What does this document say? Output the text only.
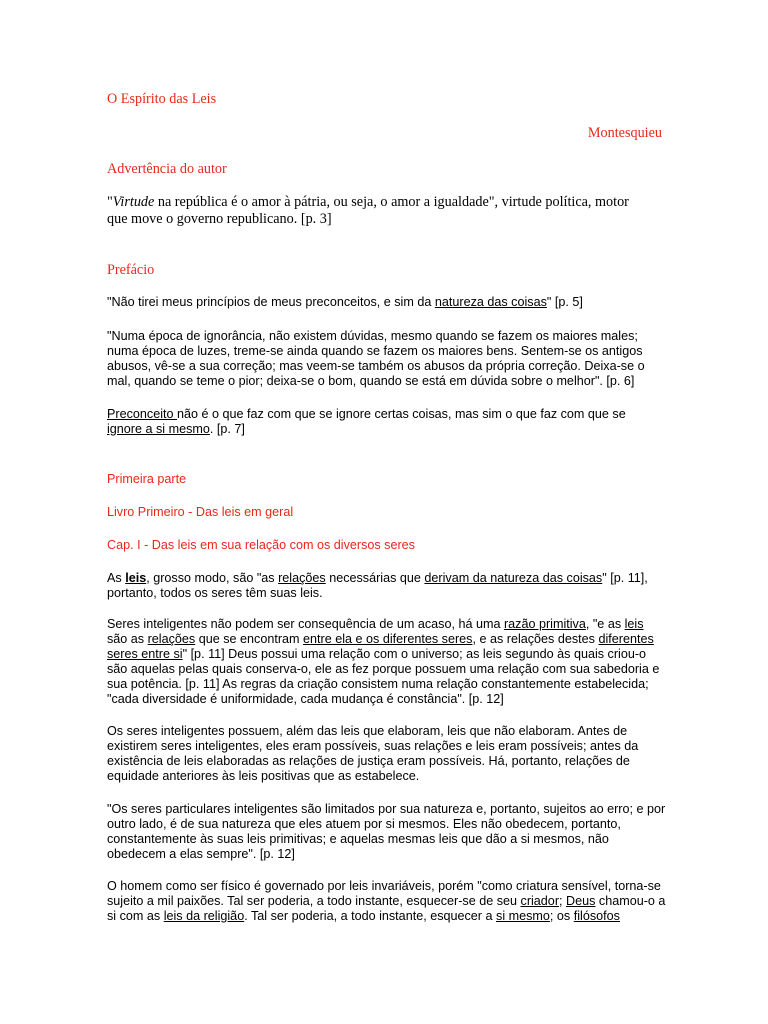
O Espírito das Leis

Montesquieu

Advertência do autor

"Virtude na república é o amor à pátria, ou seja, o amor a igualdade", virtude política, motor que move o governo republicano. [p. 3]

Prefácio

"Não tirei meus princípios de meus preconceitos, e sim da natureza das coisas" [p. 5]

"Numa época de ignorância, não existem dúvidas, mesmo quando se fazem os maiores males; numa época de luzes, treme-se ainda quando se fazem os maiores bens. Sentem-se os antigos abusos, vê-se a sua correção; mas veem-se também os abusos da própria correção. Deixa-se o mal, quando se teme o pior; deixa-se o bom, quando se está em dúvida sobre o melhor". [p. 6]

Preconceito não é o que faz com que se ignore certas coisas, mas sim o que faz com que se ignore a si mesmo. [p. 7]

Primeira parte

Livro Primeiro - Das leis em geral

Cap. I - Das leis em sua relação com os diversos seres

As leis, grosso modo, são "as relações necessárias que derivam da natureza das coisas" [p. 11], portanto, todos os seres têm suas leis.

Seres inteligentes não podem ser consequência de um acaso, há uma razão primitiva, "e as leis são as relações que se encontram entre ela e os diferentes seres, e as relações destes diferentes seres entre si" [p. 11] Deus possui uma relação com o universo; as leis segundo às quais criou-o são aquelas pelas quais conserva-o, ele as fez porque possuem uma relação com sua sabedoria e sua potência. [p. 11] As regras da criação consistem numa relação constantemente estabelecida; "cada diversidade é uniformidade, cada mudança é constância". [p. 12]

Os seres inteligentes possuem, além das leis que elaboram, leis que não elaboram. Antes de existirem seres inteligentes, eles eram possíveis, suas relações e leis eram possíveis; antes da existência de leis elaboradas as relações de justiça eram possíveis. Há, portanto, relações de equidade anteriores às leis positivas que as estabelece.

"Os seres particulares inteligentes são limitados por sua natureza e, portanto, sujeitos ao erro; e por outro lado, é de sua natureza que eles atuem por si mesmos. Eles não obedecem, portanto, constantemente às suas leis primitivas; e aquelas mesmas leis que dão a si mesmos, não obedecem a elas sempre". [p. 12]

O homem como ser físico é governado por leis invariáveis, porém "como criatura sensível, torna-se sujeito a mil paixões. Tal ser poderia, a todo instante, esquecer-se de seu criador; Deus chamou-o a si com as leis da religião. Tal ser poderia, a todo instante, esquecer a si mesmo; os filósofos
